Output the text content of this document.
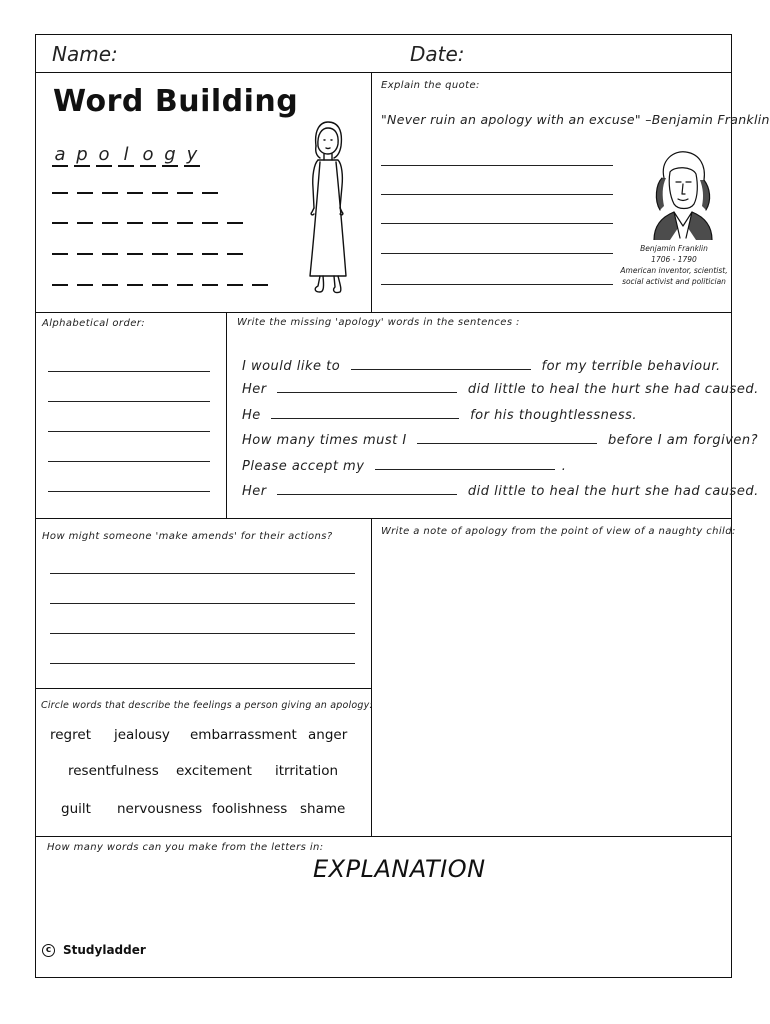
Name:	Date:
Word Building
a p o l o g y
Explain the quote:
"Never ruin an apology with an excuse" –Benjamin Franklin
Benjamin Franklin
1706 - 1790
American inventor, scientist,
social activist and politician
Alphabetical order:	Write the missing 'apology' words in the sentences :
I would like to	for my terrible behaviour.
Her	did little to heal the hurt she had caused.
He	for his thoughtlessness.
How many times must I	before I am forgiven?
Please accept my	.
Her	did little to heal the hurt she had caused.
How might someone 'make amends' for their actions?	Write a note of apology from the point of view of a naughty child:
Circle words that describe the feelings a person giving an apology:
regret jealousy embarrassment anger
resentfulness excitement itrritation
guilt nervousness foolishness shame
How many words can you make from the letters in:
EXPLANATION
c Studyladder
